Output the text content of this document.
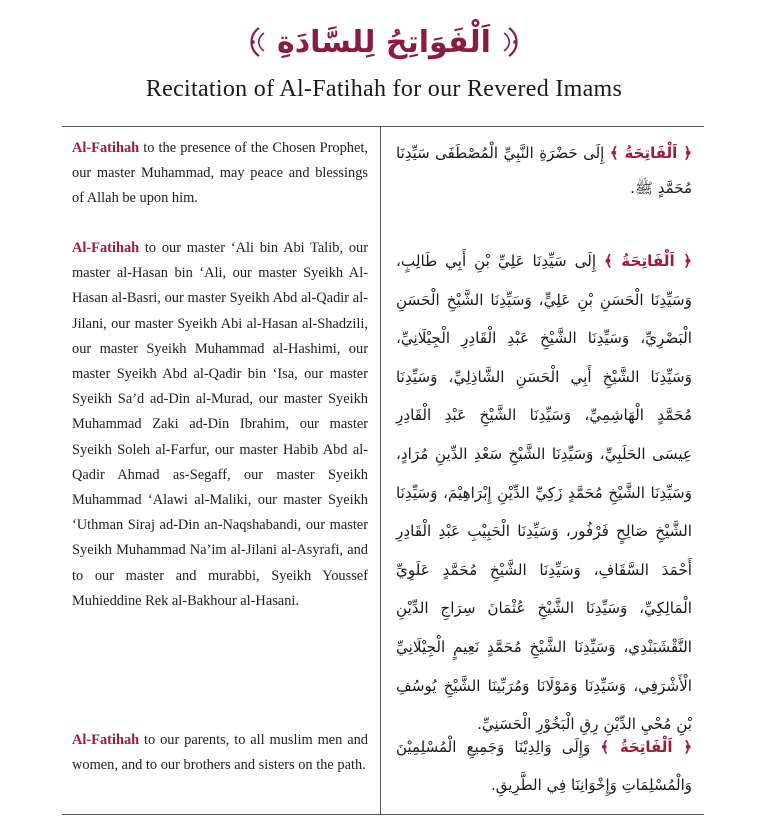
اَلْفَوَاتِحُ لِلسَّادَةِ
Recitation of Al-Fatihah for our Revered Imams
Al-Fatihah to the presence of the Chosen Prophet, our master Muhammad, may peace and blessings of Allah be upon him.
﴿ اَلْفَاتِحَةُ ﴾ إِلَى حَضْرَةِ النَّبِيِّ الْمُصْطَفَى سَيِّدِنَا مُحَمَّدٍ ﷺ.
Al-Fatihah to our master ‘Ali bin Abi Talib, our master al-Hasan bin ‘Ali, our master Syeikh Al-Hasan al-Basri, our master Syeikh Abd al-Qadir al-Jilani, our master Syeikh Abi al-Hasan al-Shadzili, our master Syeikh Muhammad al-Hashimi, our master Syeikh Abd al-Qadir bin ‘Isa, our master Syeikh Sa’d ad-Din al-Murad, our master Syeikh Muhammad Zaki ad-Din Ibrahim, our master Syeikh Soleh al-Farfur, our master Habib Abd al-Qadir Ahmad as-Segaff, our master Syeikh Muhammad ‘Alawi al-Maliki, our master Syeikh ‘Uthman Siraj ad-Din an-Naqshabandi, our master Syeikh Muhammad Na’im al-Jilani al-Asyrafi, and to our master and murabbi, Syeikh Youssef Muhieddine Rek al-Bakhour al-Hasani.
﴿ اَلْفَاتِحَةُ ﴾ إِلَى سَيِّدِنَا عَلِيِّ بْنِ أَبِي طَالِبٍ، وَسَيِّدِنَا الْحَسَنِ بْنِ عَلِيٍّ، وَسَيِّدِنَا الشَّيْخِ الْحَسَنِ الْبَصْرِيِّ، وَسَيِّدِنَا الشَّيْخِ عَبْدِ الْقَادِرِ الْجِيْلَانِيِّ، وَسَيِّدِنَا الشَّيْخِ أَبِي الْحَسَنِ الشَّاذِلِيِّ، وَسَيِّدِنَا مُحَمَّدٍ الْهَاشِمِيِّ، وَسَيِّدِنَا الشَّيْخِ عَبْدِ الْقَادِرِ عِيسَى الحَلَبِيِّ، وَسَيِّدِنَا الشَّيْخِ سَعْدِ الدِّينِ مُرَادٍ، وَسَيِّدِنَا الشَّيْخِ مُحَمَّدٍ زَكِيِّ الدِّيْنِ إِبْرَاهِيْمَ، وَسَيِّدِنَا الشَّيْخِ صَالِحٍ فَرْفُور، وَسَيِّدِنَا الْحَبِيْبِ عَبْدِ الْقَادِرِ أَحْمَدَ السَّقَافِ، وَسَيِّدِنَا الشَّيْخِ مُحَمَّدٍ عَلَوِيِّ الْمَالِكِيِّ، وَسَيِّدِنَا الشَّيْخِ عُثْمَانَ سِرَاجِ الدِّيْنِ النَّقْشَبَنْدِي، وَسَيِّدِنَا الشَّيْخِ مُحَمَّدٍ نَعِيمٍ الْجِيْلَانِيِّ الْأَشْرَفِي، وَسَيِّدِنَا وَمَوْلَانَا وَمُرَبِّينَا الشَّيْخِ يُوسُفِ بْنِ مُحْيِ الدِّيْنِ رِقِ الْبَخُوْرِ الْحَسَنِيِّ.
Al-Fatihah to our parents, to all muslim men and women, and to our brothers and sisters on the path.
﴿ اَلْفَاتِحَةُ ﴾ وَإِلَى وَالِدِيْنَا وَجَمِيعِ الْمُسْلِمِيْنَ وَالْمُسْلِمَاتِ وَإِخْوَانِنَا فِي الطَّرِيقِ.
